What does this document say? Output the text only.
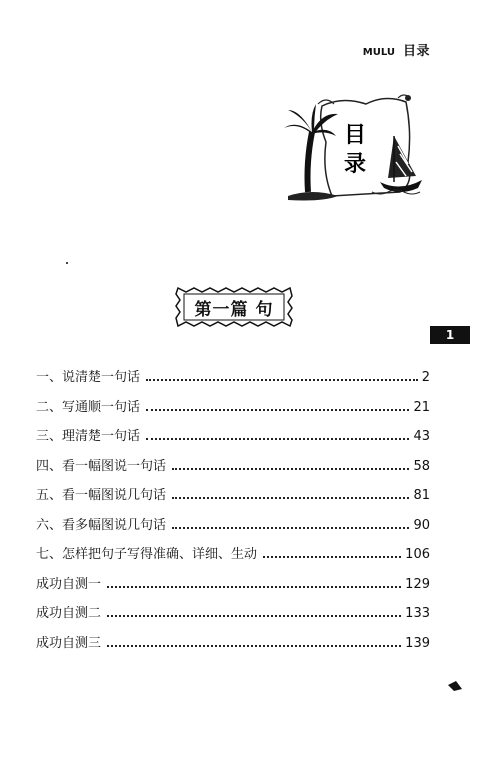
MULU 目录
目
录
第一篇 句
1
一、说清楚一句话	2
二、写通顺一句话	21
三、理清楚一句话	43
四、看一幅图说一句话	58
五、看一幅图说几句话	81
六、看多幅图说几句话	90
七、怎样把句子写得准确、详细、生动	106
成功自测一	129
成功自测二	133
成功自测三	139
